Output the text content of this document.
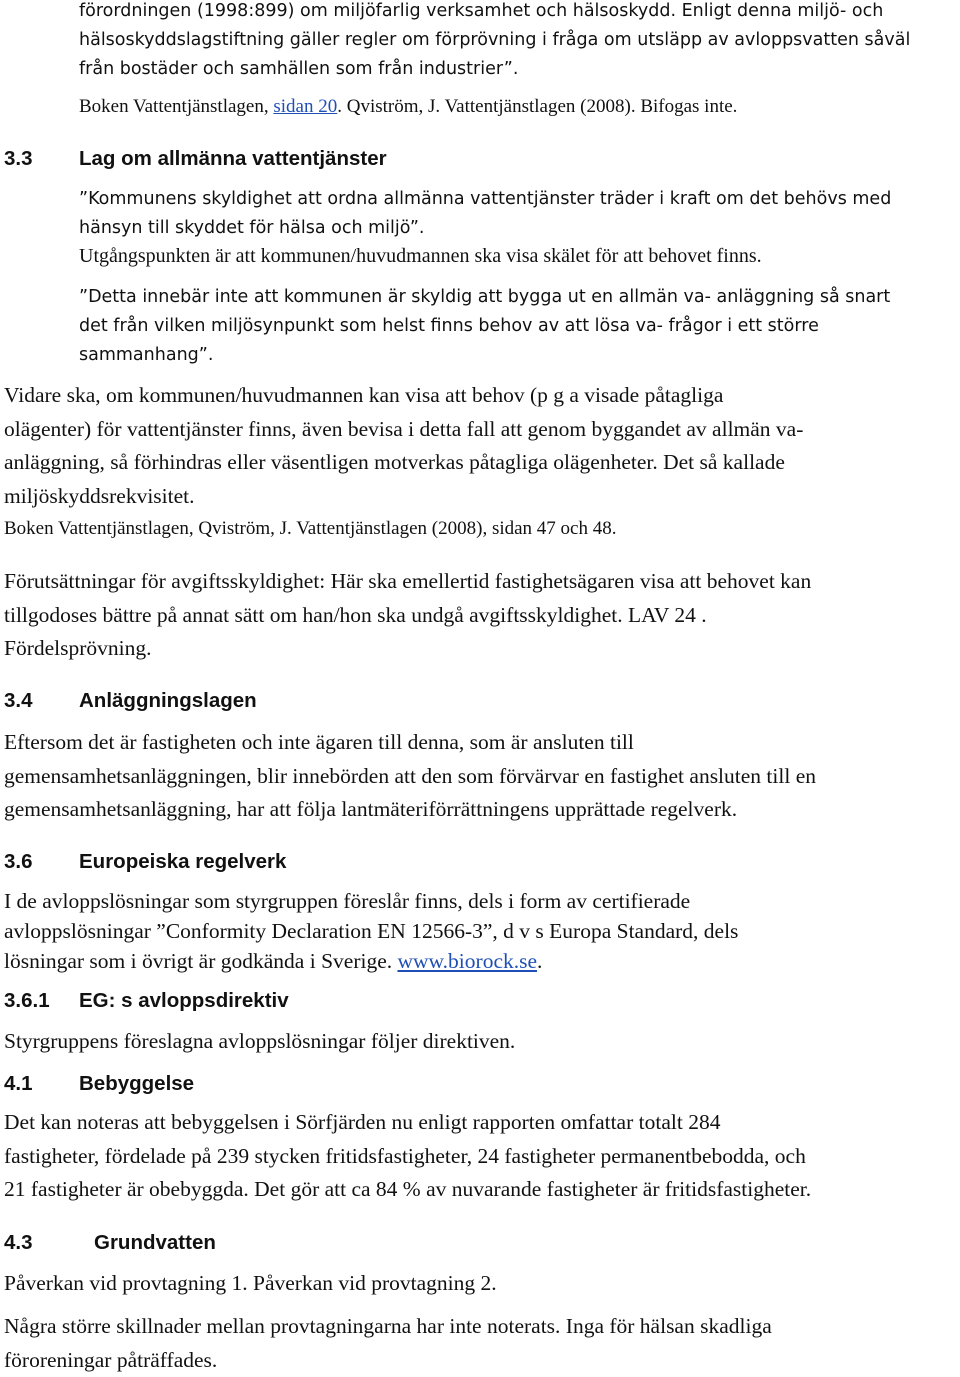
förordningen (1998:899) om miljöfarlig verksamhet och hälsoskydd. Enligt denna miljö- och
hälsoskyddslagstiftning gäller regler om förprövning i fråga om utsläpp av avloppsvatten såväl
från bostäder och samhällen som från industrier”.

Boken Vattentjänstlagen, sidan 20. Qviström, J. Vattentjänstlagen (2008). Bifogas inte.

3.3 Lag om allmänna vattentjänster
”Kommunens skyldighet att ordna allmänna vattentjänster träder i kraft om det behövs med
hänsyn till skyddet för hälsa och miljö”.

Utgångspunkten är att kommunen/huvudmannen ska visa skälet för att behovet finns.

”Detta innebär inte att kommunen är skyldig att bygga ut en allmän va- anläggning så snart
det från vilken miljösynpunkt som helst finns behov av att lösa va- frågor i ett större
sammanhang”.
Vidare ska, om kommunen/huvudmannen kan visa att behov (p g a visade påtagliga
olägenter) för vattentjänster finns, även bevisa i detta fall att genom byggandet av allmän va-
anläggning, så förhindras eller väsentligen motverkas påtagliga olägenheter. Det så kallade
miljöskyddsrekvisitet.

Boken Vattentjänstlagen, Qviström, J. Vattentjänstlagen (2008), sidan 47 och 48.

Förutsättningar för avgiftsskyldighet: Här ska emellertid fastighetsägaren visa att behovet kan
tillgodoses bättre på annat sätt om han/hon ska undgå avgiftsskyldighet. LAV 24 .
Fördelsprövning.
3.4 Anläggningslagen
Eftersom det är fastigheten och inte ägaren till denna, som är ansluten till
gemensamhetsanläggningen, blir innebörden att den som förvärvar en fastighet ansluten till en
gemensamhetsanläggning, har att följa lantmäteriförrättningens upprättade regelverk.
3.6 Europeiska regelverk
I de avloppslösningar som styrgruppen föreslår finns, dels i form av certifierade
avloppslösningar ”Conformity Declaration EN 12566-3”, d v s Europa Standard, dels
lösningar som i övrigt är godkända i Sverige. www.biorock.se.
3.6.1 EG: s avloppsdirektiv

Styrgruppens föreslagna avloppslösningar följer direktiven.

4.1 Bebyggelse
Det kan noteras att bebyggelsen i Sörfjärden nu enligt rapporten omfattar totalt 284
fastigheter, fördelade på 239 stycken fritidsfastigheter, 24 fastigheter permanentbebodda, och
21 fastigheter är obebyggda. Det gör att ca 84 % av nuvarande fastigheter är fritidsfastigheter.
4.3	Grundvatten

Påverkan vid provtagning 1. Påverkan vid provtagning 2.

Några större skillnader mellan provtagningarna har inte noterats. Inga för hälsan skadliga
föroreningar påträffades.
